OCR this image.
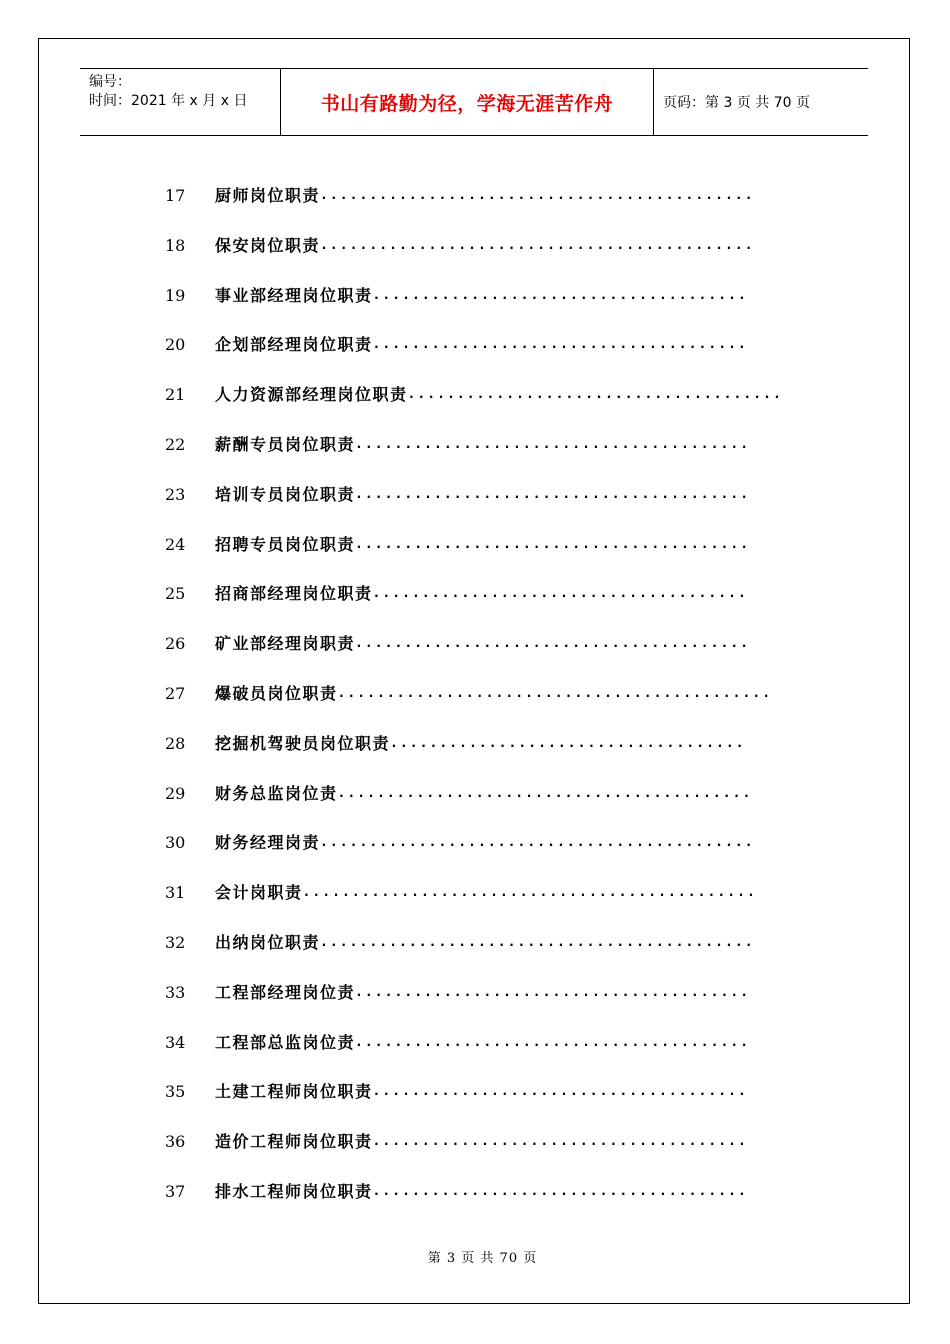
编号：
时间：2021 年 x 月 x 日	书山有路勤为径，学海无涯苦作舟	页码：第 3 页 共 70 页
17	厨师岗位职责 ............................................
18	保安岗位职责 ............................................
19	事业部经理岗位职责 ......................................
20	企划部经理岗位职责 ......................................
21	人力资源部经理岗位职责 ......................................
22	薪酬专员岗位职责 ........................................
23	培训专员岗位职责 ........................................
24	招聘专员岗位职责 ........................................
25	招商部经理岗位职责 ......................................
26	矿业部经理岗职责 ........................................
27	爆破员岗位职责 ............................................
28	挖掘机驾驶员岗位职责 ....................................
29	财务总监岗位责 ..........................................
30	财务经理岗责 ............................................
31	会计岗职责 ..............................................
32	出纳岗位职责 ............................................
33	工程部经理岗位责 ........................................
34	工程部总监岗位责 ........................................
35	土建工程师岗位职责 ......................................
36	造价工程师岗位职责 ......................................
37	排水工程师岗位职责 ......................................
第 3 页 共 70 页
